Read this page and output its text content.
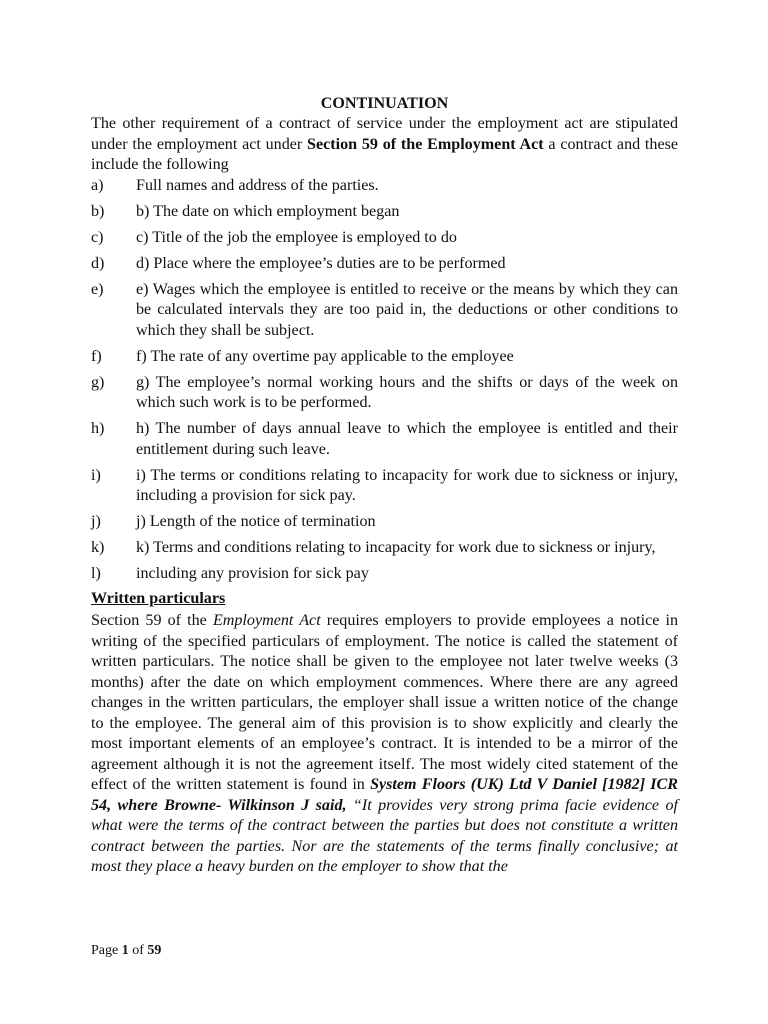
CONTINUATION

The other requirement of a contract of service under the employment act are stipulated under the employment act under Section 59 of the Employment Act a contract and these include the following

a)	Full names and address of the parties.
b)	b) The date on which employment began
c)	c) Title of the job the employee is employed to do
d)	d) Place where the employee’s duties are to be performed
e)	e) Wages which the employee is entitled to receive or the means by which they can be calculated intervals they are too paid in, the deductions or other conditions to which they shall be subject.
f)	f) The rate of any overtime pay applicable to the employee
g)	g) The employee’s normal working hours and the shifts or days of the week on which such work is to be performed.
h)	h) The number of days annual leave to which the employee is entitled and their entitlement during such leave.
i)	i) The terms or conditions relating to incapacity for work due to sickness or injury, including a provision for sick pay.
j)	j) Length of the notice of termination
k)	k) Terms and conditions relating to incapacity for work due to sickness or injury,
l)	including any provision for sick pay

Written particulars

Section 59 of the Employment Act requires employers to provide employees a notice in writing of the specified particulars of employment. The notice is called the statement of written particulars. The notice shall be given to the employee not later twelve weeks (3 months) after the date on which employment commences. Where there are any agreed changes in the written particulars, the employer shall issue a written notice of the change to the employee. The general aim of this provision is to show explicitly and clearly the most important elements of an employee’s contract. It is intended to be a mirror of the agreement although it is not the agreement itself. The most widely cited statement of the effect of the written statement is found in System Floors (UK) Ltd V Daniel [1982] ICR 54, where Browne- Wilkinson J said, “It provides very strong prima facie evidence of what were the terms of the contract between the parties but does not constitute a written contract between the parties. Nor are the statements of the terms finally conclusive; at most they place a heavy burden on the employer to show that the

Page 1 of 59
